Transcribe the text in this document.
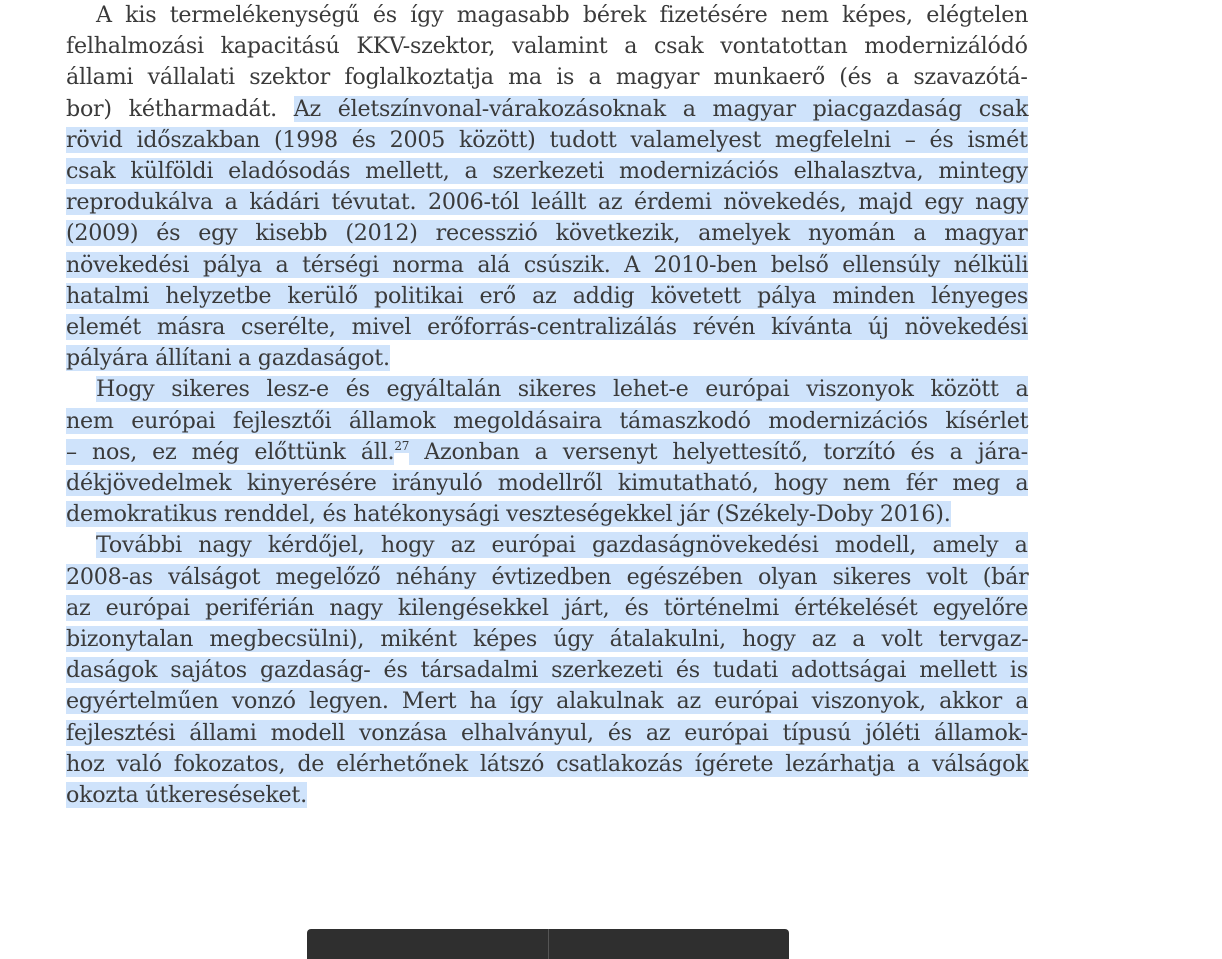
A kis termelékenységű és így magasabb bérek fizetésére nem képes, elégtelen
felhalmozási kapacitású KKV-szektor, valamint a csak vontatottan modernizálódó
állami vállalati szektor foglalkoztatja ma is a magyar munkaerő (és a szavazótá-
bor) kétharmadát. Az életszínvonal-várakozásoknak a magyar piacgazdaság csak
rövid időszakban (1998 és 2005 között) tudott valamelyest megfelelni – és ismét
csak külföldi eladósodás mellett, a szerkezeti modernizációs elhalasztva, mintegy
reprodukálva a kádári tévutat. 2006-tól leállt az érdemi növekedés, majd egy nagy
(2009) és egy kisebb (2012) recesszió következik, amelyek nyomán a magyar
növekedési pálya a térségi norma alá csúszik. A 2010-ben belső ellensúly nélküli
hatalmi helyzetbe kerülő politikai erő az addig követett pálya minden lényeges
elemét másra cserélte, mivel erőforrás-centralizálás révén kívánta új növekedési
pályára állítani a gazdaságot.
Hogy sikeres lesz-e és egyáltalán sikeres lehet-e európai viszonyok között a
nem európai fejlesztői államok megoldásaira támaszkodó modernizációs kísérlet
– nos, ez még előttünk áll.$^{27}$ Azonban a versenyt helyettesítő, torzító és a jára-
dékjövedelmek kinyerésére irányuló modellről kimutatható, hogy nem fér meg a
demokratikus renddel, és hatékonysági veszteségekkel jár (Székely-Doby 2016).
További nagy kérdőjel, hogy az európai gazdaságnövekedési modell, amely a
2008-as válságot megelőző néhány évtizedben egészében olyan sikeres volt (bár
az európai periférián nagy kilengésekkel járt, és történelmi értékelését egyelőre
bizonytalan megbecsülni), miként képes úgy átalakulni, hogy az a volt tervgaz-
daságok sajátos gazdaság- és társadalmi szerkezeti és tudati adottságai mellett is
egyértelműen vonzó legyen. Mert ha így alakulnak az európai viszonyok, akkor a
fejlesztési állami modell vonzása elhalványul, és az európai típusú jóléti államok-
hoz való fokozatos, de elérhetőnek látszó csatlakozás ígérete lezárhatja a válságok
okozta útkereséseket.
